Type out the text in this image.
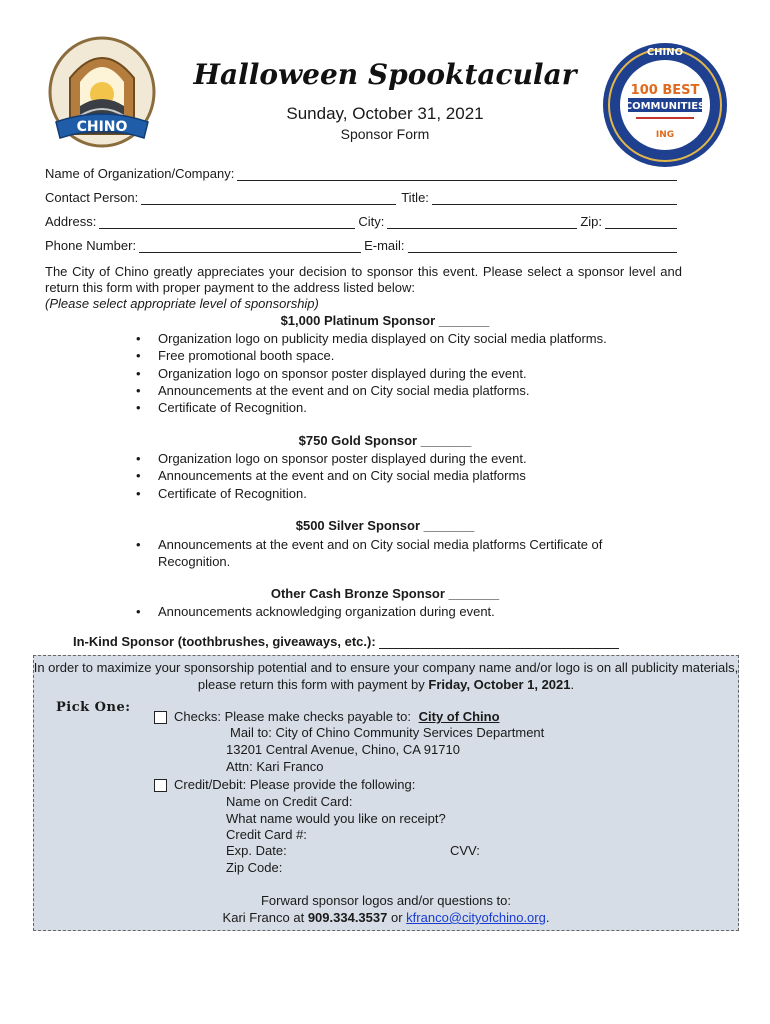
CHINO
Halloween Spooktacular
Sunday, October 31, 2021
Sponsor Form
CHINO
100 BEST
COMMUNITIES
ING
Name of Organization/Company:
Contact Person:	Title:
Address:	City:	Zip:
Phone Number:	E-mail:
The City of Chino greatly appreciates your decision to sponsor this event. Please select a sponsor level and return this form with proper payment to the address listed below:
(Please select appropriate level of sponsorship)
$1,000 Platinum Sponsor _______
• Organization logo on publicity media displayed on City social media platforms.
• Free promotional booth space.
• Organization logo on sponsor poster displayed during the event.
• Announcements at the event and on City social media platforms.
• Certificate of Recognition.
$750 Gold Sponsor _______
• Organization logo on sponsor poster displayed during the event.
• Announcements at the event and on City social media platforms
• Certificate of Recognition.
$500 Silver Sponsor _______
• Announcements at the event and on City social media platforms Certificate of Recognition.
Other Cash Bronze Sponsor _______
• Announcements acknowledging organization during event.
In-Kind Sponsor (toothbrushes, giveaways, etc.):
In order to maximize your sponsorship potential and to ensure your company name and/or logo is on all publicity materials, please return this form with payment by Friday, October 1, 2021.
Pick One:
Checks: Please make checks payable to: City of Chino
Mail to: City of Chino Community Services Department
13201 Central Avenue, Chino, CA 91710
Attn: Kari Franco
Credit/Debit: Please provide the following:
Name on Credit Card:
What name would you like on receipt?
Credit Card #:
Exp. Date:	CVV:
Zip Code:
Forward sponsor logos and/or questions to:
Kari Franco at 909.334.3537 or kfranco@cityofchino.org.
